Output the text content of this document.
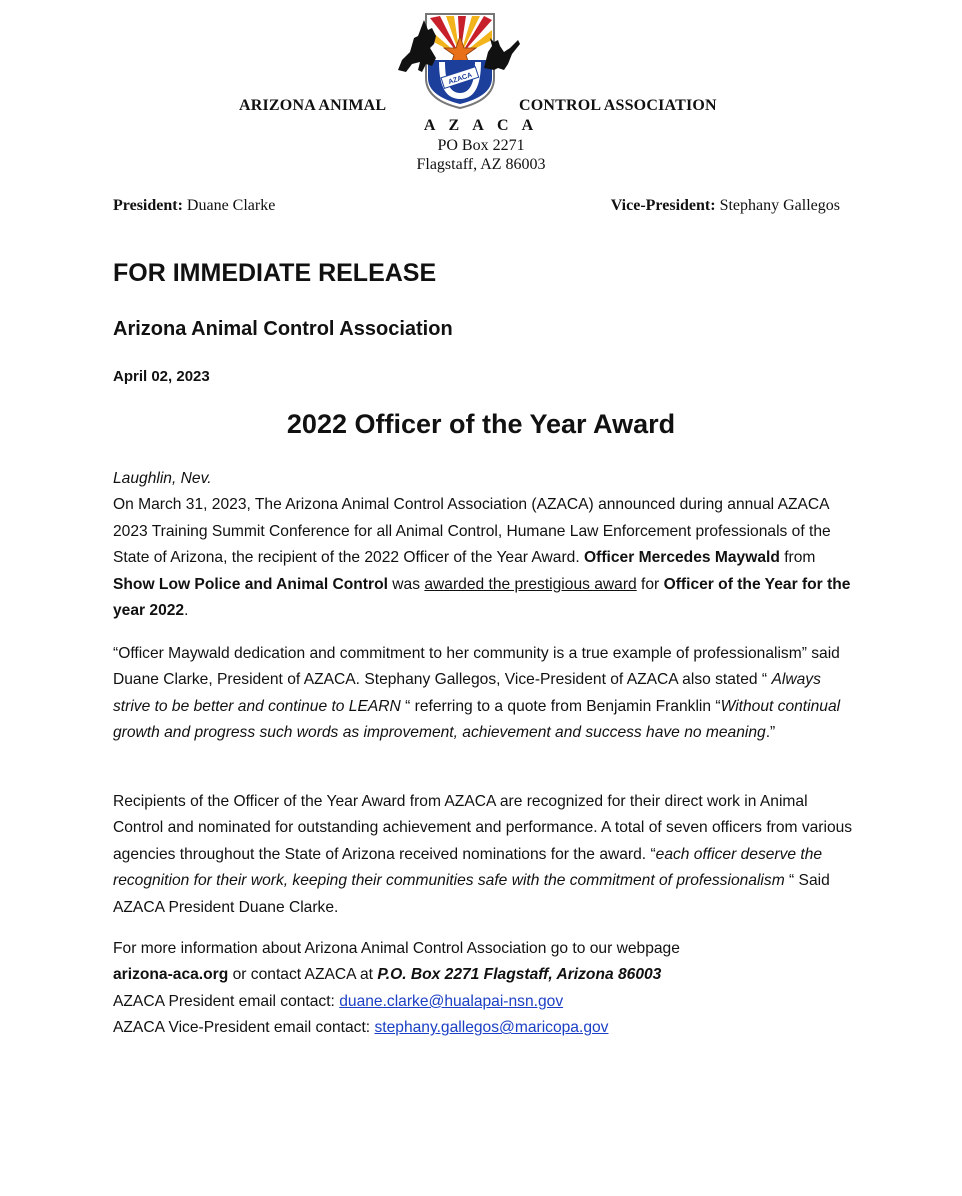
AZACA
ARIZONA ANIMAL	CONTROL ASSOCIATION
A Z A C A
PO Box 2271
Flagstaff, AZ 86003
President: Duane Clarke	Vice-President: Stephany Gallegos
FOR IMMEDIATE RELEASE
Arizona Animal Control Association
April 02, 2023
2022 Officer of the Year Award
Laughlin, Nev.
On March 31, 2023, The Arizona Animal Control Association (AZACA) announced during annual AZACA 2023 Training Summit Conference for all Animal Control, Humane Law Enforcement professionals of the State of Arizona, the recipient of the 2022 Officer of the Year Award. Officer Mercedes Maywald from Show Low Police and Animal Control was awarded the prestigious award for Officer of the Year for the year 2022.
“Officer Maywald dedication and commitment to her community is a true example of professionalism” said Duane Clarke, President of AZACA. Stephany Gallegos, Vice-President of AZACA also stated “ Always strive to be better and continue to LEARN “ referring to a quote from Benjamin Franklin “Without continual growth and progress such words as improvement, achievement and success have no meaning.”
Recipients of the Officer of the Year Award from AZACA are recognized for their direct work in Animal Control and nominated for outstanding achievement and performance. A total of seven officers from various agencies throughout the State of Arizona received nominations for the award. “each officer deserve the recognition for their work, keeping their communities safe with the commitment of professionalism “ Said AZACA President Duane Clarke.
For more information about Arizona Animal Control Association go to our webpage
arizona-aca.org or contact AZACA at P.O. Box 2271 Flagstaff, Arizona 86003
AZACA President email contact: duane.clarke@hualapai-nsn.gov
AZACA Vice-President email contact: stephany.gallegos@maricopa.gov
